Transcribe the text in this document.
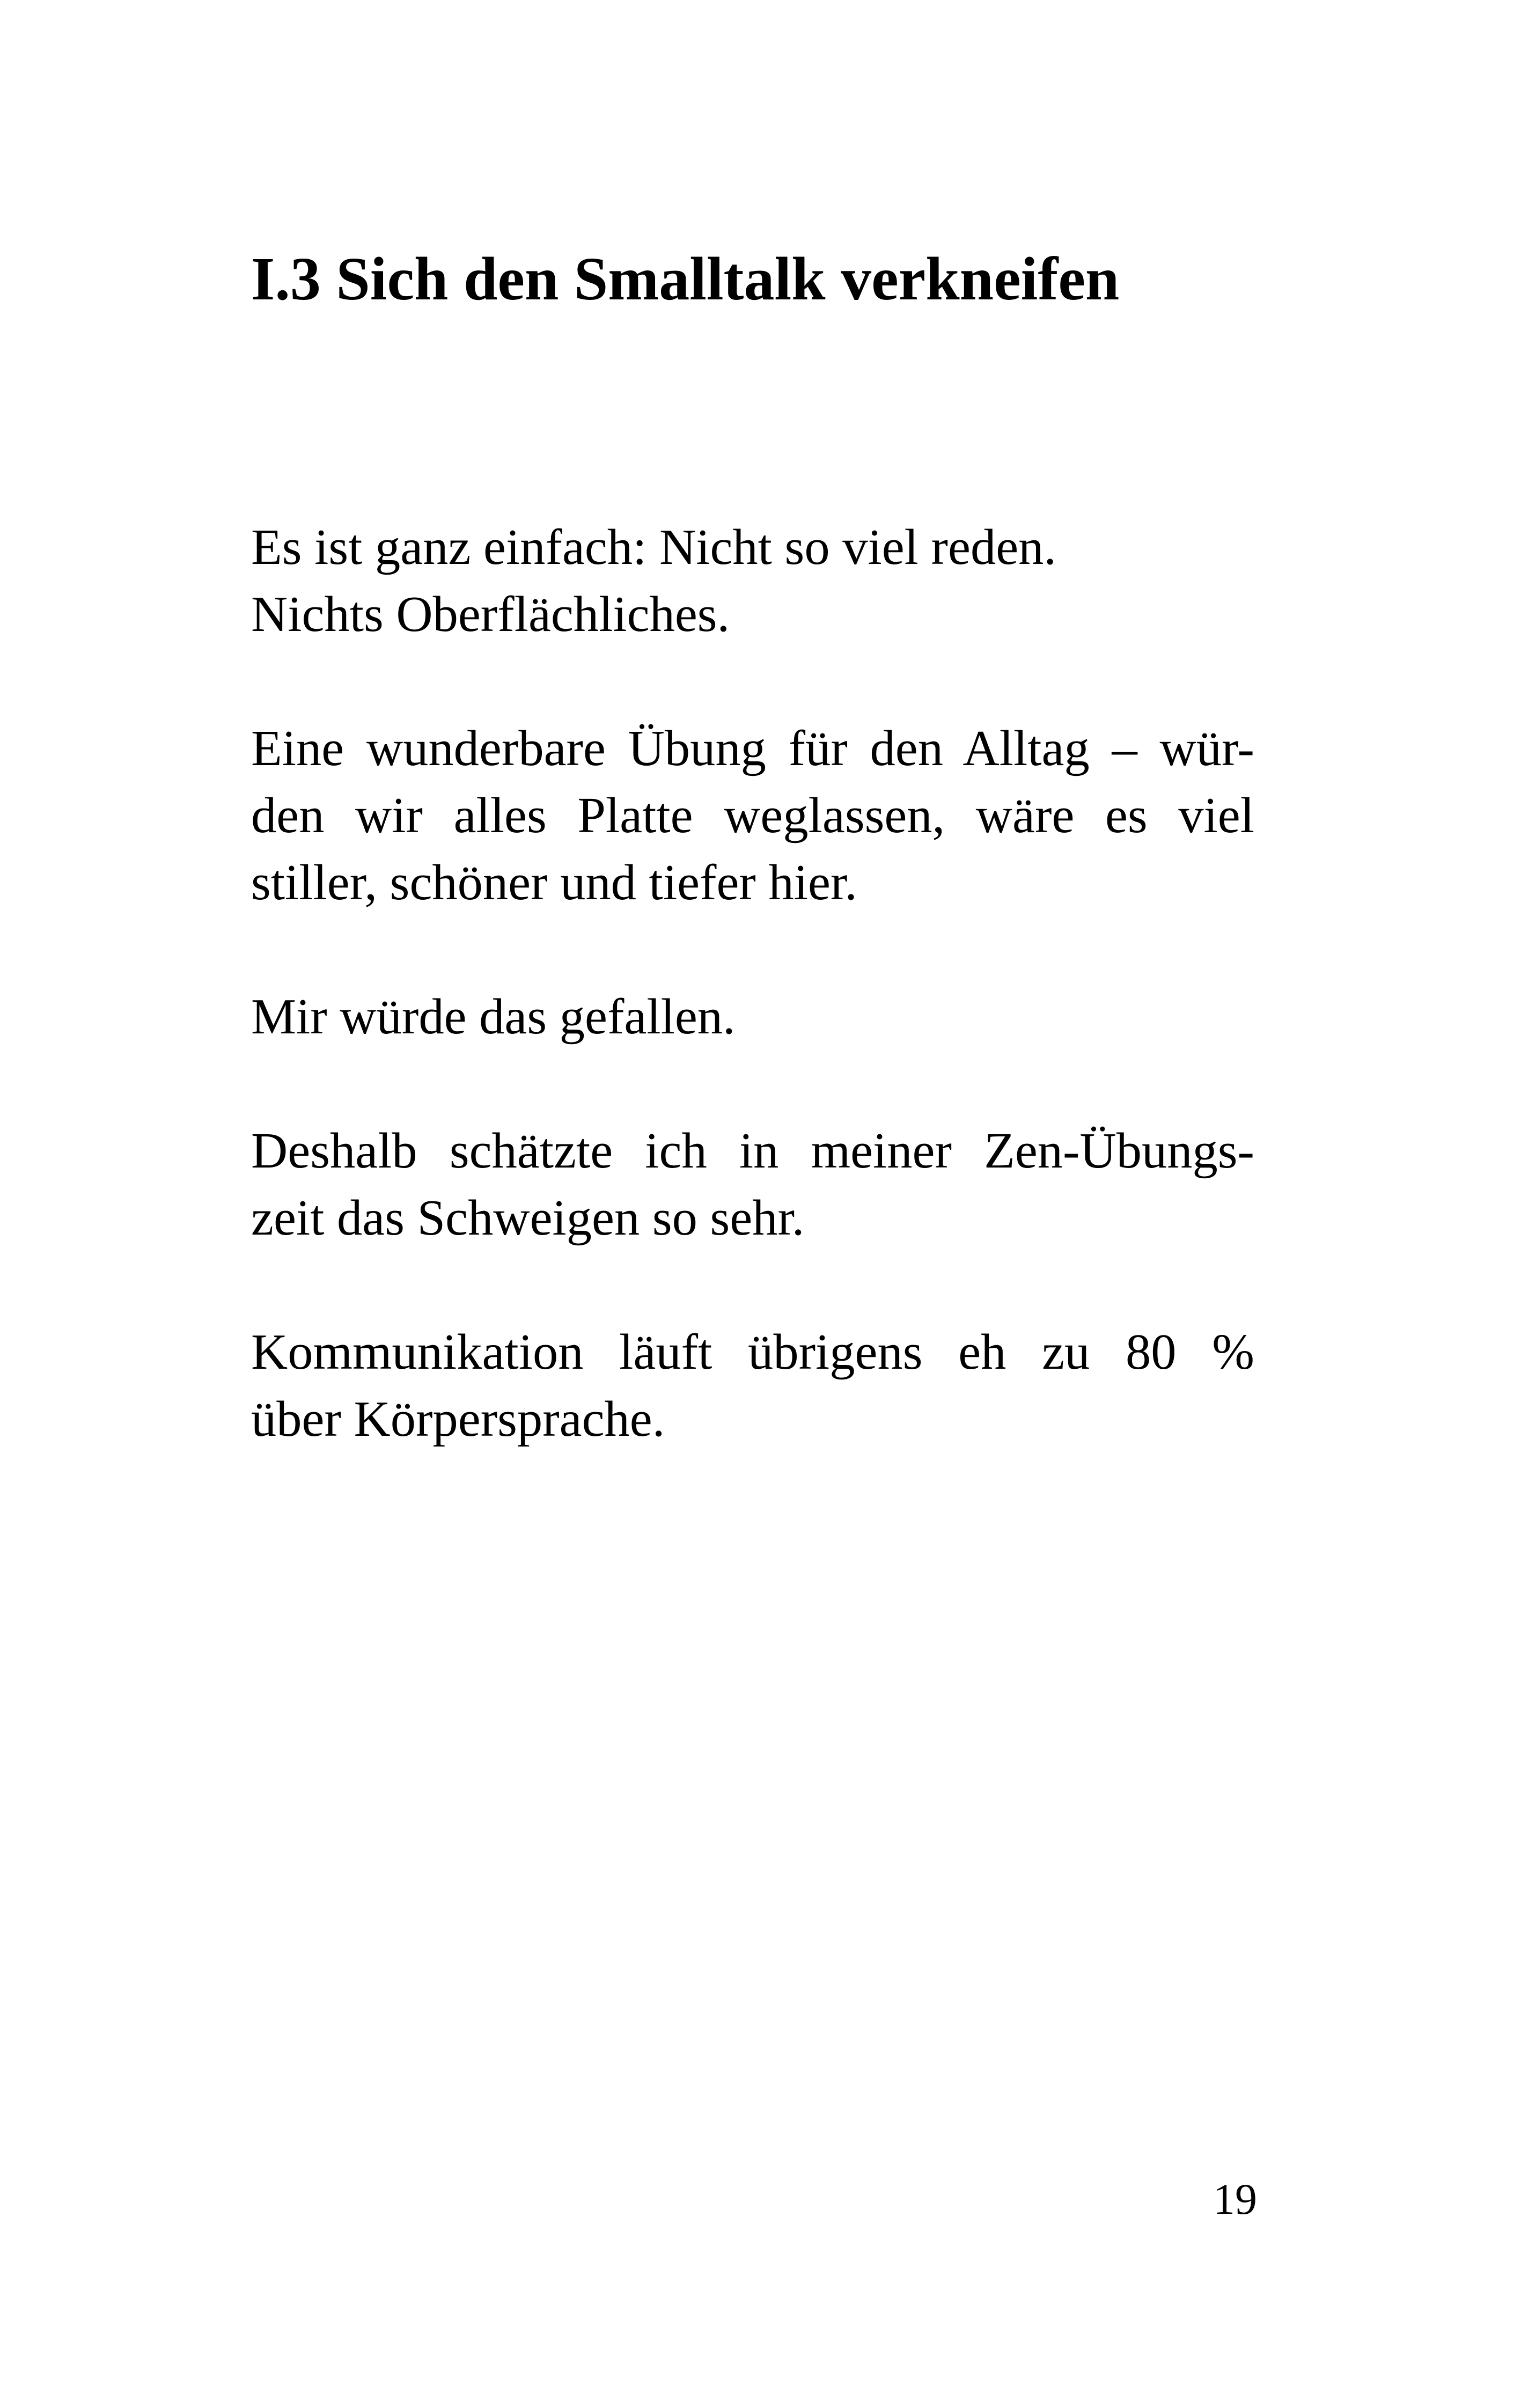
I.3 Sich den Smalltalk verkneifen

Es ist ganz einfach: Nicht so viel reden.
Nichts Oberflächliches.

Eine wunderbare Übung für den Alltag – wür-
den wir alles Platte weglassen, wäre es viel
stiller, schöner und tiefer hier.

Mir würde das gefallen.

Deshalb schätzte ich in meiner Zen-Übungs-
zeit das Schweigen so sehr.

Kommunikation läuft übrigens eh zu 80 %
über Körpersprache.

19
